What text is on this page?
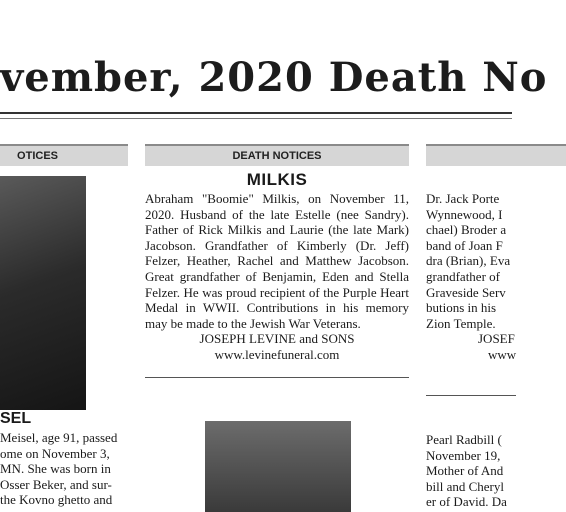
vember, 2020 Death No
OTICES
SEL
Meisel, age 91, passed
ome on November 3,
MN. She was born in
Osser Beker, and sur-
the Kovno ghetto and
DEATH NOTICES
MILKIS

Abraham "Boomie" Milkis, on November 11, 2020. Husband of the late Estelle (nee Sandry). Father of Rick Milkis and Laurie (the late Mark) Jacobson. Grandfather of Kimberly (Dr. Jeff) Felzer, Heather, Rachel and Matthew Jacobson. Great grandfather of Benjamin, Eden and Stella Felzer. He was proud recipient of the Purple Heart Medal in WWII. Contributions in his memory may be made to the Jewish War Veterans.

JOSEPH LEVINE and SONS
www.levinefuneral.com
Dr. Jack Porte
Wynnewood, I
chael) Broder a
band of Joan F
dra (Brian), Eva
grandfather of
Graveside Serv
butions in his
Zion Temple.
JOSEF
www
Pearl Radbill (
November 19,
Mother of And
bill and Cheryl
er of David. Da
